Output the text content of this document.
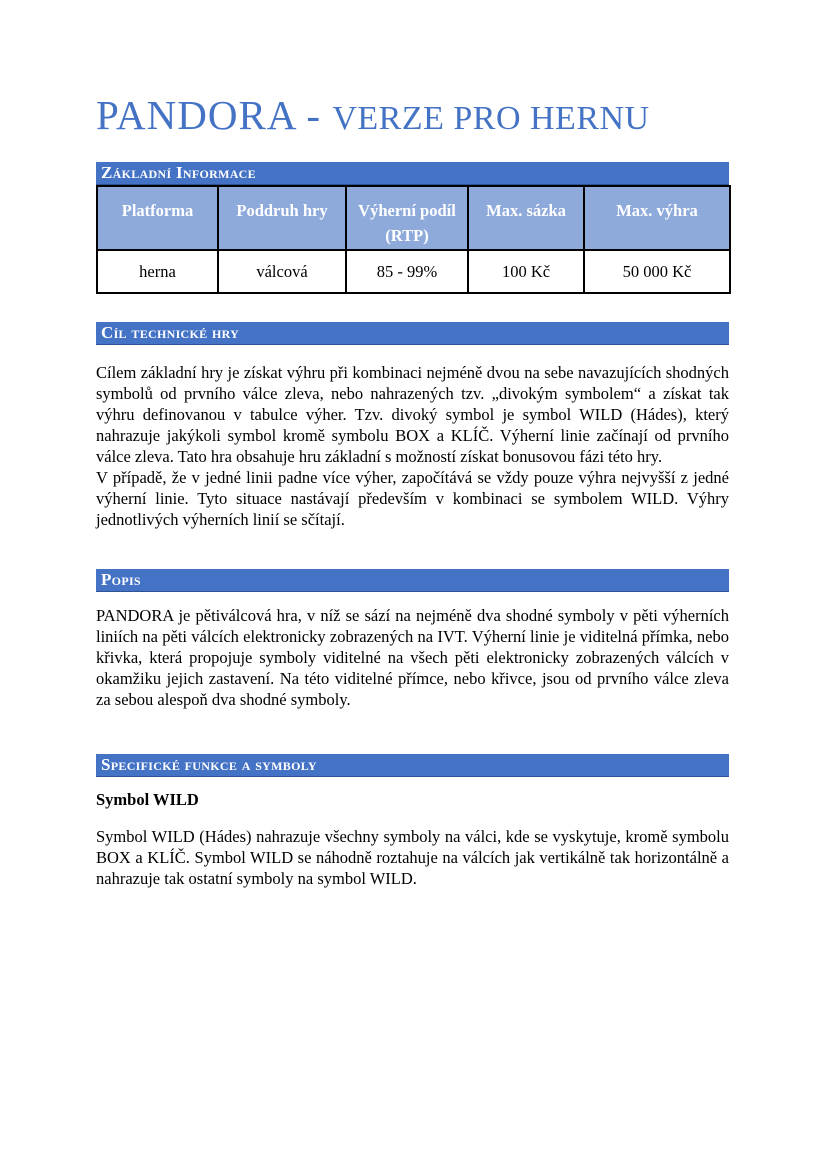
PANDORA - VERZE PRO HERNU
Základní Informace
Platforma	Poddruh hry	Výherní podíl (RTP)	Max. sázka	Max. výhra
herna	válcová	85 - 99%	100 Kč	50 000 Kč
Cíl technické hry

Cílem základní hry je získat výhru při kombinaci nejméně dvou na sebe navazujících shodných symbolů od prvního válce zleva, nebo nahrazených tzv. „divokým symbolem“ a získat tak výhru definovanou v tabulce výher. Tzv. divoký symbol je symbol WILD (Hádes), který nahrazuje jakýkoli symbol kromě symbolu BOX a KLÍČ. Výherní linie začínají od prvního válce zleva. Tato hra obsahuje hru základní s možností získat bonusovou fázi této hry.

V případě, že v jedné linii padne více výher, započítává se vždy pouze výhra nejvyšší z jedné výherní linie. Tyto situace nastávají především v kombinaci se symbolem WILD. Výhry jednotlivých výherních linií se sčítají.

Popis

PANDORA je pětiválcová hra, v níž se sází na nejméně dva shodné symboly v pěti výherních liniích na pěti válcích elektronicky zobrazených na IVT. Výherní linie je viditelná přímka, nebo křivka, která propojuje symboly viditelné na všech pěti elektronicky zobrazených válcích v okamžiku jejich zastavení. Na této viditelné přímce, nebo křivce, jsou od prvního válce zleva za sebou alespoň dva shodné symboly.

Specifické funkce a symboly
Symbol WILD

Symbol WILD (Hádes) nahrazuje všechny symboly na válci, kde se vyskytuje, kromě symbolu BOX a KLÍČ. Symbol WILD se náhodně roztahuje na válcích jak vertikálně tak horizontálně a nahrazuje tak ostatní symboly na symbol WILD.
